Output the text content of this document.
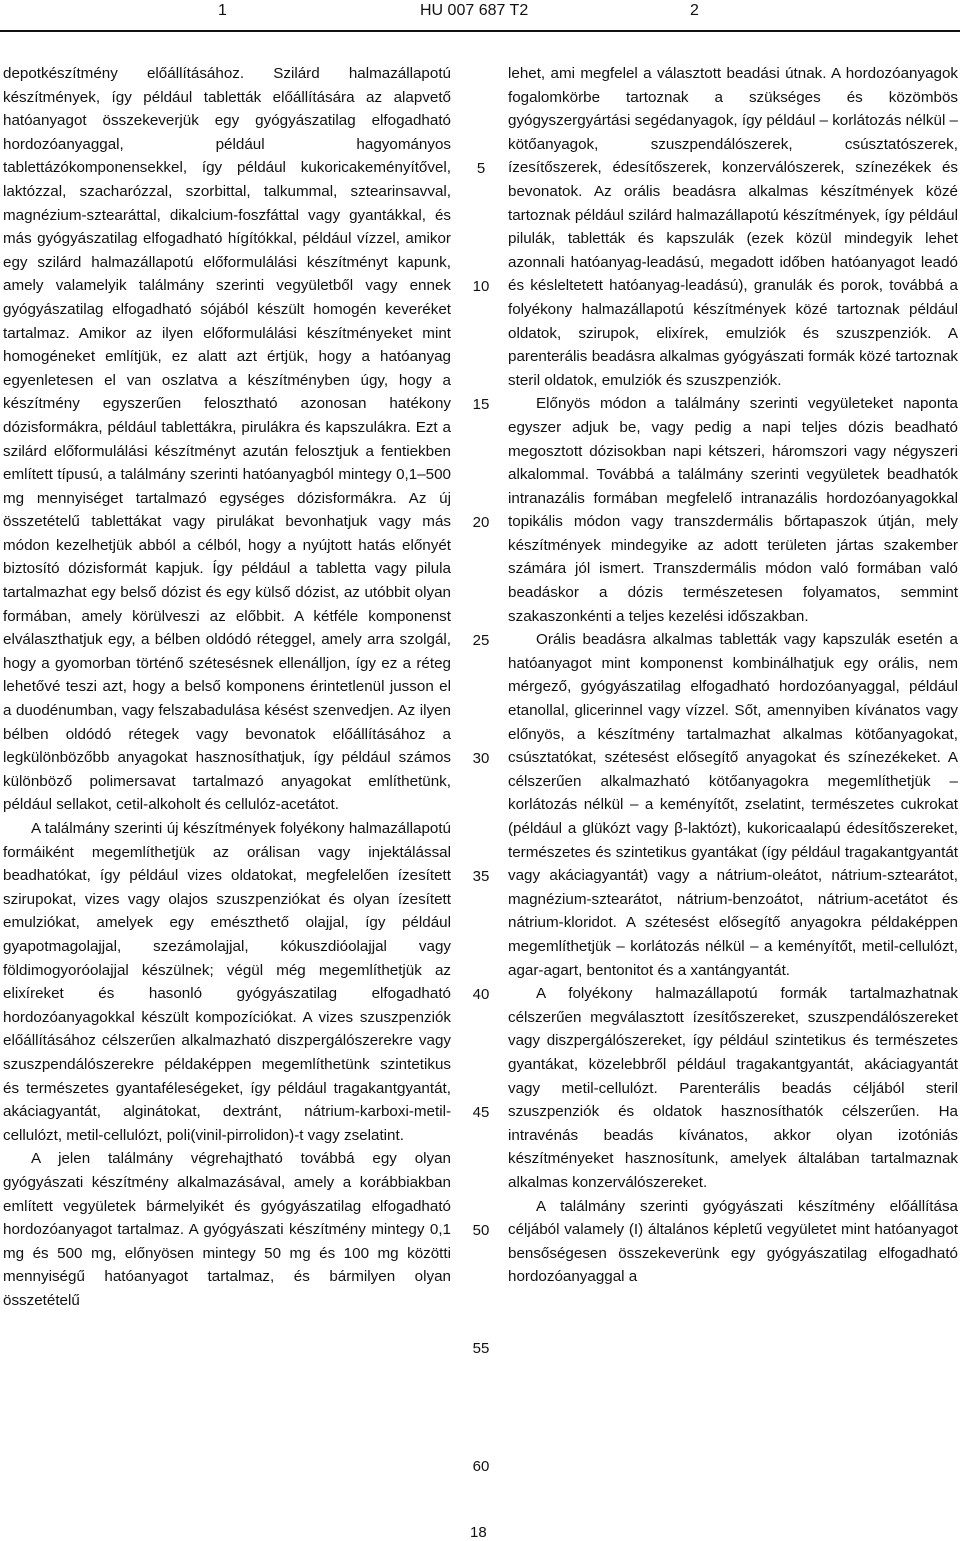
1	HU 007 687 T2	2

depotkészítmény előállításához. Szilárd halmazállapotú készítmények, így például tabletták előállítására az alapvető hatóanyagot összekeverjük egy gyógyászatilag elfogadható hordozóanyaggal, például hagyományos tablettázókomponensekkel, így például kukoricakeményítővel, laktózzal, szacharózzal, szorbittal, talkummal, sztearinsavval, magnézium-sztearáttal, dikalcium-foszfáttal vagy gyantákkal, és más gyógyászatilag elfogadható hígítókkal, például vízzel, amikor egy szilárd halmazállapotú előformulálási készítményt kapunk, amely valamelyik találmány szerinti vegyületből vagy ennek gyógyászatilag elfogadható sójából készült homogén keveréket tartalmaz. Amikor az ilyen előformulálási készítményeket mint homogéneket említjük, ez alatt azt értjük, hogy a hatóanyag egyenletesen el van oszlatva a készítményben úgy, hogy a készítmény egyszerűen felosztható azonosan hatékony dózisformákra, például tablettákra, pirulákra és kapszulákra. Ezt a szilárd előformulálási készítményt azután felosztjuk a fentiekben említett típusú, a találmány szerinti hatóanyagból mintegy 0,1–500 mg mennyiséget tartalmazó egységes dózisformákra. Az új összetételű tablettákat vagy pirulákat bevonhatjuk vagy más módon kezelhetjük abból a célból, hogy a nyújtott hatás előnyét biztosító dózisformát kapjuk. Így például a tabletta vagy pilula tartalmazhat egy belső dózist és egy külső dózist, az utóbbit olyan formában, amely körülveszi az előbbit. A kétféle komponenst elválaszthatjuk egy, a bélben oldódó réteggel, amely arra szolgál, hogy a gyomorban történő szétesésnek ellenálljon, így ez a réteg lehetővé teszi azt, hogy a belső komponens érintetlenül jusson el a duodénumban, vagy felszabadulása késést szenvedjen. Az ilyen bélben oldódó rétegek vagy bevonatok előállításához a legkülönbözőbb anyagokat hasznosíthatjuk, így például számos különböző polimersavat tartalmazó anyagokat említhetünk, például sellakot, cetil-alkoholt és cellulóz-acetátot.

A találmány szerinti új készítmények folyékony halmazállapotú formáiként megemlíthetjük az orálisan vagy injektálással beadhatókat, így például vizes oldatokat, megfelelően ízesített szirupokat, vizes vagy olajos szuszpenziókat és olyan ízesített emulziókat, amelyek egy emészthető olajjal, így például gyapotmagolajjal, szezámolajjal, kókuszdióolajjal vagy földimogyoróolajjal készülnek; végül még megemlíthetjük az elixíreket és hasonló gyógyászatilag elfogadható hordozóanyagokkal készült kompozíciókat. A vizes szuszpenziók előállításához célszerűen alkalmazható diszpergálószerekre vagy szuszpendálószerekre példaképpen megemlíthetünk szintetikus és természetes gyantaféleségeket, így például tragakantgyantát, akáciagyantát, alginátokat, dextránt, nátrium-karboxi-metil-cellulózt, metil-cellulózt, poli(vinil-pirrolidon)-t vagy zselatint.

A jelen találmány végrehajtható továbbá egy olyan gyógyászati készítmény alkalmazásával, amely a korábbiakban említett vegyületek bármelyikét és gyógyászatilag elfogadható hordozóanyagot tartalmaz. A gyógyászati készítmény mintegy 0,1 mg és 500 mg, előnyösen mintegy 50 mg és 100 mg közötti mennyiségű hatóanyagot tartalmaz, és bármilyen olyan összetételű

lehet, ami megfelel a választott beadási útnak. A hordozóanyagok fogalomkörbe tartoznak a szükséges és közömbös gyógyszergyártási segédanyagok, így például – korlátozás nélkül – kötőanyagok, szuszpendálószerek, csúsztatószerek, ízesítőszerek, édesítőszerek, konzerválószerek, színezékek és bevonatok. Az orális beadásra alkalmas készítmények közé tartoznak például szilárd halmazállapotú készítmények, így például pilulák, tabletták és kapszulák (ezek közül mindegyik lehet azonnali hatóanyag-leadású, megadott időben hatóanyagot leadó és késleltetett hatóanyag-leadású), granulák és porok, továbbá a folyékony halmazállapotú készítmények közé tartoznak például oldatok, szirupok, elixírek, emulziók és szuszpenziók. A parenterális beadásra alkalmas gyógyászati formák közé tartoznak steril oldatok, emulziók és szuszpenziók.

Előnyös módon a találmány szerinti vegyületeket naponta egyszer adjuk be, vagy pedig a napi teljes dózis beadható megosztott dózisokban napi kétszeri, háromszori vagy négyszeri alkalommal. Továbbá a találmány szerinti vegyületek beadhatók intranazális formában megfelelő intranazális hordozóanyagokkal topikális módon vagy transzdermális bőrtapaszok útján, mely készítmények mindegyike az adott területen jártas szakember számára jól ismert. Transzdermális módon való formában való beadáskor a dózis természetesen folyamatos, semmint szakaszonkénti a teljes kezelési időszakban.

Orális beadásra alkalmas tabletták vagy kapszulák esetén a hatóanyagot mint komponenst kombinálhatjuk egy orális, nem mérgező, gyógyászatilag elfogadható hordozóanyaggal, például etanollal, glicerinnel vagy vízzel. Sőt, amennyiben kívánatos vagy előnyös, a készítmény tartalmazhat alkalmas kötőanyagokat, csúsztatókat, szétesést elősegítő anyagokat és színezékeket. A célszerűen alkalmazható kötőanyagokra megemlíthetjük – korlátozás nélkül – a keményítőt, zselatint, természetes cukrokat (például a glükózt vagy β-laktózt), kukoricaalapú édesítőszereket, természetes és szintetikus gyantákat (így például tragakantgyantát vagy akáciagyantát) vagy a nátrium-oleátot, nátrium-sztearátot, magnézium-sztearátot, nátrium-benzoátot, nátrium-acetátot és nátrium-kloridot. A szétesést elősegítő anyagokra példaképpen megemlíthetjük – korlátozás nélkül – a keményítőt, metil-cellulózt, agar-agart, bentonitot és a xantángyantát.

A folyékony halmazállapotú formák tartalmazhatnak célszerűen megválasztott ízesítőszereket, szuszpendálószereket vagy diszpergálószereket, így például szintetikus és természetes gyantákat, közelebbről például tragakantgyantát, akáciagyantát vagy metil-cellulózt. Parenterális beadás céljából steril szuszpenziók és oldatok hasznosíthatók célszerűen. Ha intravénás beadás kívánatos, akkor olyan izotóniás készítményeket hasznosítunk, amelyek általában tartalmaznak alkalmas konzerválószereket.

A találmány szerinti gyógyászati készítmény előállítása céljából valamely (I) általános képletű vegyületet mint hatóanyagot bensőségesen összekeverünk egy gyógyászatilag elfogadható hordozóanyaggal a

5
10
15
20
25
30
35
40
45
50
55
60
18
